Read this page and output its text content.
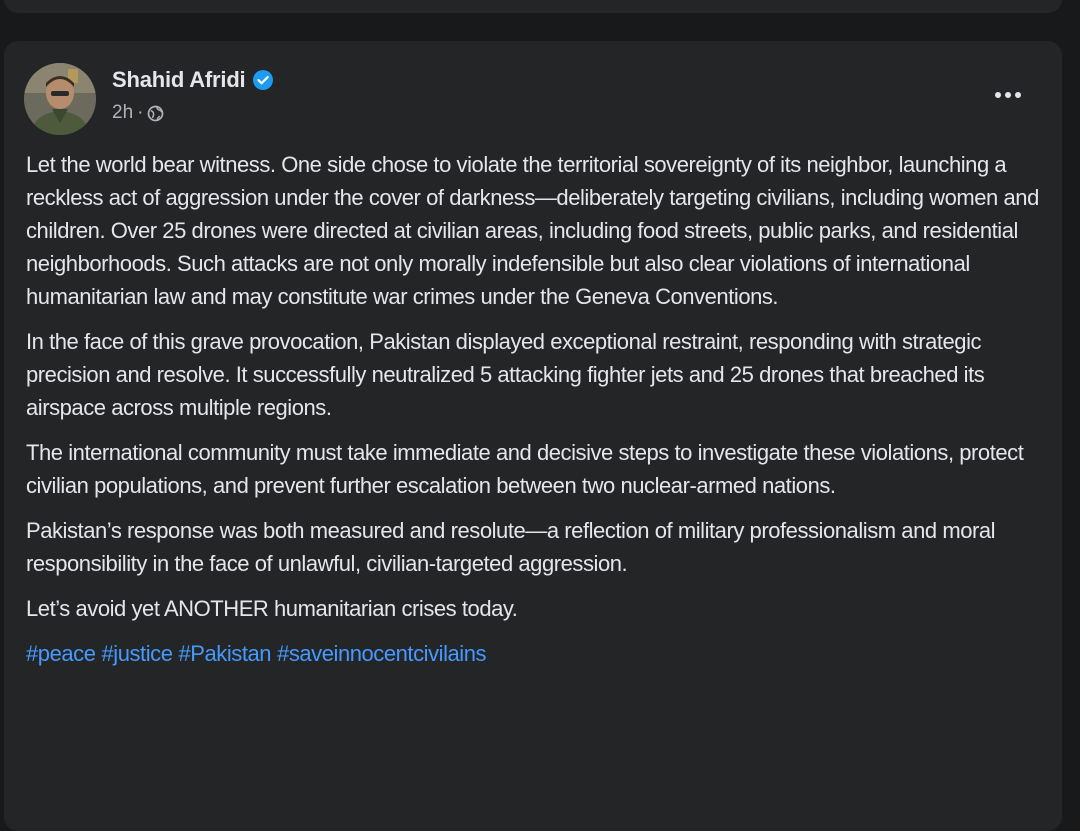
Shahid Afridi
2h ·

Let the world bear witness. One side chose to violate the territorial sovereignty of its neighbor, launching a reckless act of aggression under the cover of darkness—deliberately targeting civilians, including women and children. Over 25 drones were directed at civilian areas, including food streets, public parks, and residential neighborhoods. Such attacks are not only morally indefensible but also clear violations of international humanitarian law and may constitute war crimes under the Geneva Conventions.

In the face of this grave provocation, Pakistan displayed exceptional restraint, responding with strategic precision and resolve. It successfully neutralized 5 attacking fighter jets and 25 drones that breached its airspace across multiple regions.

The international community must take immediate and decisive steps to investigate these violations, protect civilian populations, and prevent further escalation between two nuclear-armed nations.

Pakistan’s response was both measured and resolute—a reflection of military professionalism and moral responsibility in the face of unlawful, civilian-targeted aggression.

Let’s avoid yet ANOTHER humanitarian crises today.

#peace #justice #Pakistan #saveinnocentcivilains
